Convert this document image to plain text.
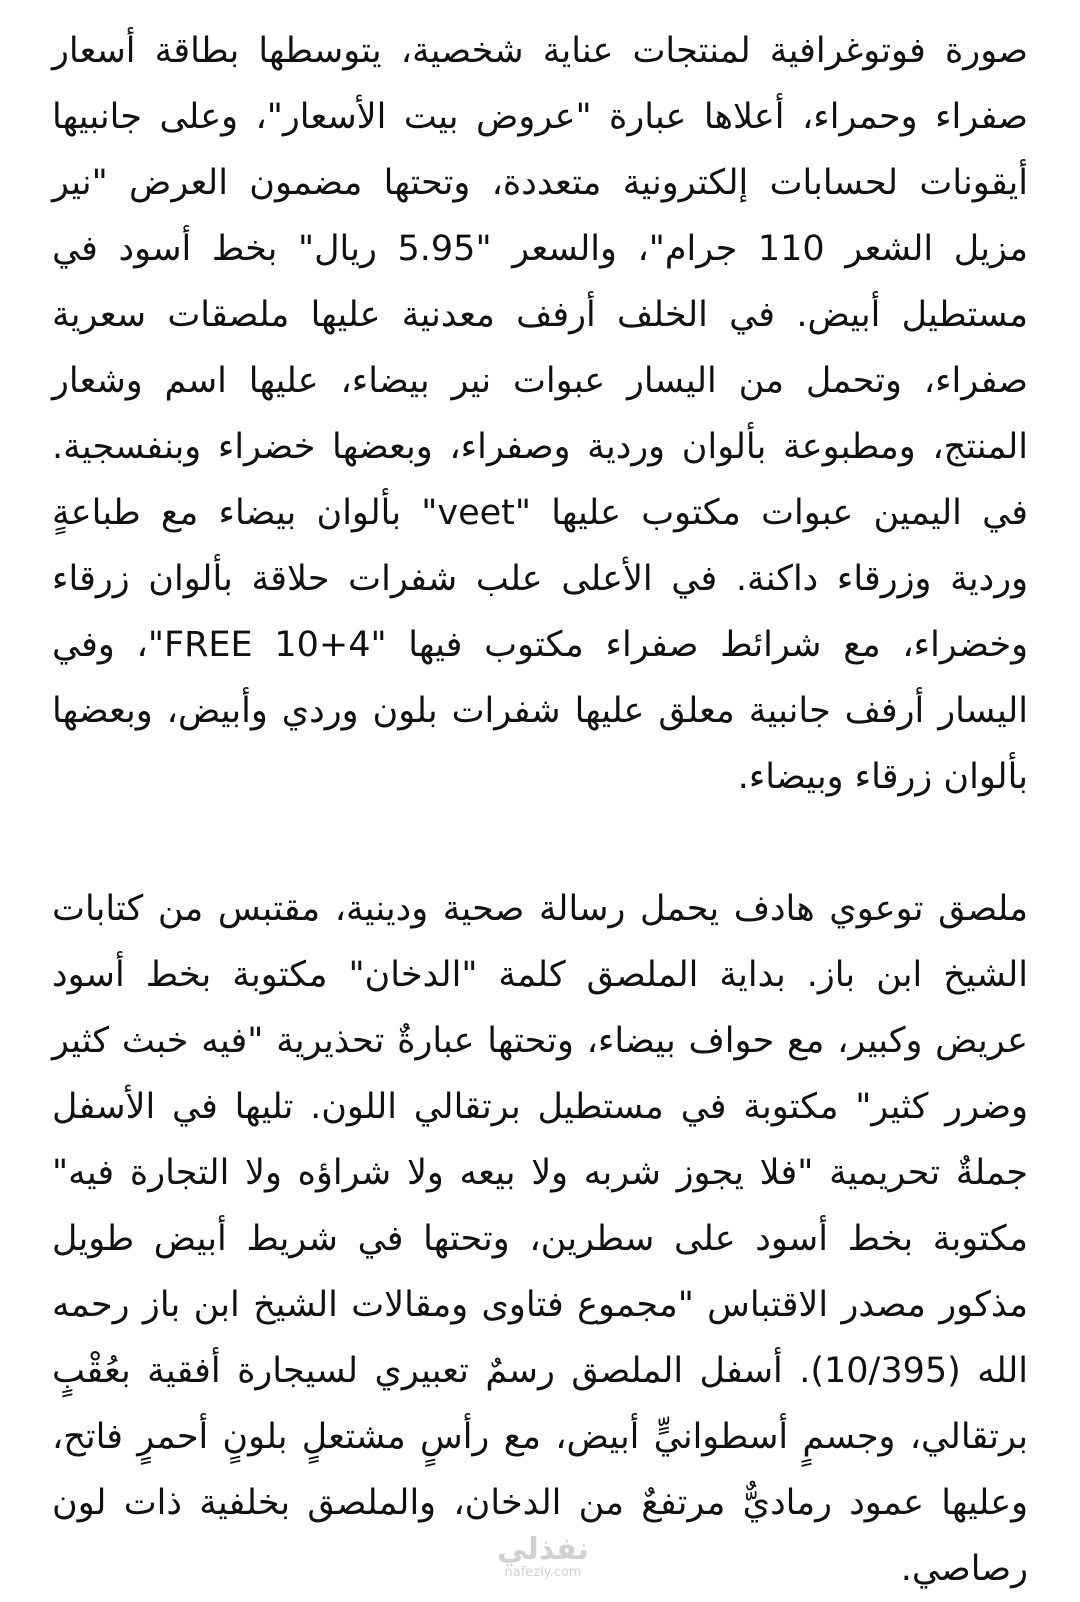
صورة فوتوغرافية لمنتجات عناية شخصية، يتوسطها بطاقة أسعار صفراء وحمراء، أعلاها عبارة "عروض بيت الأسعار"، وعلى جانبيها أيقونات لحسابات إلكترونية متعددة، وتحتها مضمون العرض "نير مزيل الشعر 110 جرام"، والسعر "5.95 ريال" بخط أسود في مستطيل أبيض. في الخلف أرفف معدنية عليها ملصقات سعرية صفراء، وتحمل من اليسار عبوات نير بيضاء، عليها اسم وشعار المنتج، ومطبوعة بألوان وردية وصفراء، وبعضها خضراء وبنفسجية. في اليمين عبوات مكتوب عليها "veet" بألوان بيضاء مع طباعةٍ وردية وزرقاء داكنة. في الأعلى علب شفرات حلاقة بألوان زرقاء وخضراء، مع شرائط صفراء مكتوب فيها "FREE 10+4"، وفي اليسار أرفف جانبية معلق عليها شفرات بلون وردي وأبيض، وبعضها بألوان زرقاء وبيضاء.

ملصق توعوي هادف يحمل رسالة صحية ودينية، مقتبس من كتابات الشيخ ابن باز. بداية الملصق كلمة "الدخان" مكتوبة بخط أسود عريض وكبير، مع حواف بيضاء، وتحتها عبارةٌ تحذيرية "فيه خبث كثير وضرر كثير" مكتوبة في مستطيل برتقالي اللون. تليها في الأسفل جملةٌ تحريمية "فلا يجوز شربه ولا بيعه ولا شراؤه ولا التجارة فيه" مكتوبة بخط أسود على سطرين، وتحتها في شريط أبيض طويل مذكور مصدر الاقتباس "مجموع فتاوى ومقالات الشيخ ابن باز رحمه الله (10/395). أسفل الملصق رسمٌ تعبيري لسيجارة أفقية بعُقْبٍ برتقالي، وجسمٍ أسطوانيٍّ أبيض، مع رأسٍ مشتعلٍ بلونٍ أحمرٍ فاتح، وعليها عمود رماديٌّ مرتفعٌ من الدخان، والملصق بخلفية ذات لون رصاصي.

نفذلي
nafezly.com
